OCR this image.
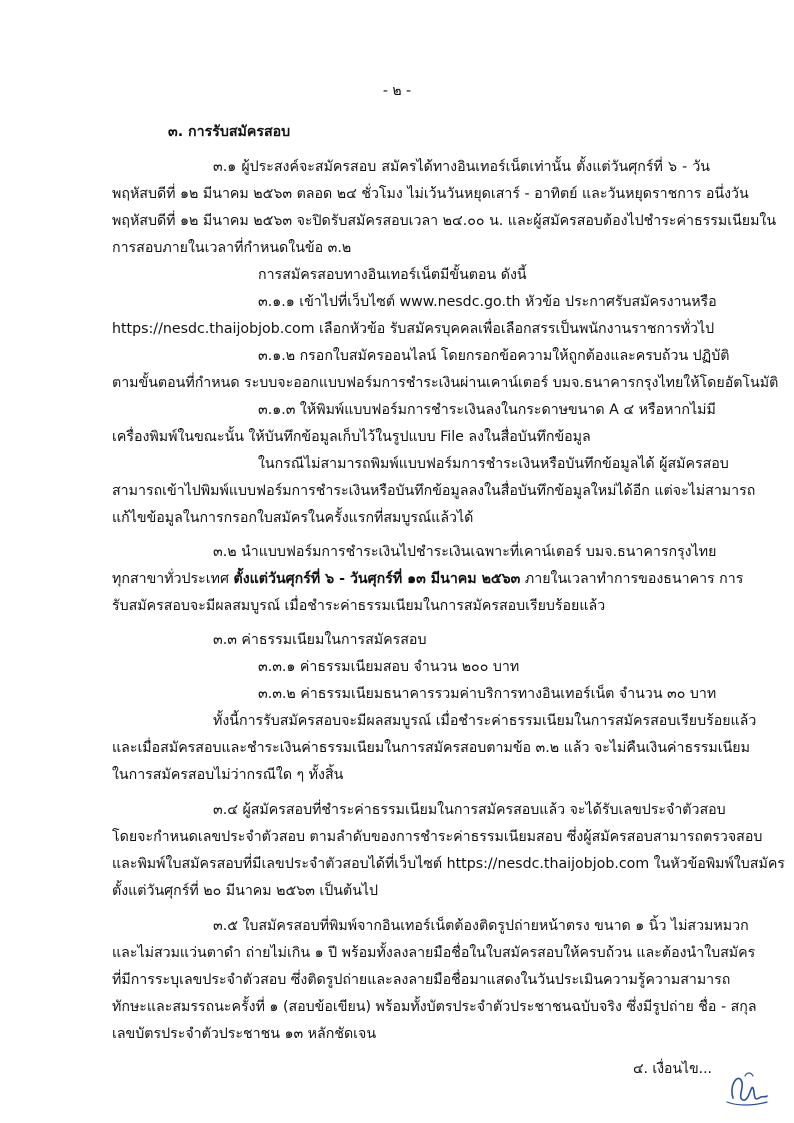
- ๒ -
๓. การรับสมัครสอบ
๓.๑ ผู้ประสงค์จะสมัครสอบ สมัครได้ทางอินเทอร์เน็ตเท่านั้น ตั้งแต่วันศุกร์ที่ ๖ - วัน
พฤหัสบดีที่ ๑๒ มีนาคม ๒๕๖๓ ตลอด ๒๔ ชั่วโมง ไม่เว้นวันหยุดเสาร์ - อาทิตย์ และวันหยุดราชการ อนึ่งวัน
พฤหัสบดีที่ ๑๒ มีนาคม ๒๕๖๓ จะปิดรับสมัครสอบเวลา ๒๔.๐๐ น. และผู้สมัครสอบต้องไปชำระค่าธรรมเนียมใน
การสอบภายในเวลาที่กำหนดในข้อ ๓.๒
การสมัครสอบทางอินเทอร์เน็ตมีขั้นตอน ดังนี้
๓.๑.๑ เข้าไปที่เว็บไซต์ www.nesdc.go.th หัวข้อ ประกาศรับสมัครงานหรือ
https://nesdc.thaijobjob.com เลือกหัวข้อ รับสมัครบุคคลเพื่อเลือกสรรเป็นพนักงานราชการทั่วไป
๓.๑.๒ กรอกใบสมัครออนไลน์ โดยกรอกข้อความให้ถูกต้องและครบถ้วน ปฏิบัติ
ตามขั้นตอนที่กำหนด ระบบจะออกแบบฟอร์มการชำระเงินผ่านเคาน์เตอร์ บมจ.ธนาคารกรุงไทยให้โดยอัตโนมัติ
๓.๑.๓ ให้พิมพ์แบบฟอร์มการชำระเงินลงในกระดาษขนาด A ๔ หรือหากไม่มี
เครื่องพิมพ์ในขณะนั้น ให้บันทึกข้อมูลเก็บไว้ในรูปแบบ File ลงในสื่อบันทึกข้อมูล
ในกรณีไม่สามารถพิมพ์แบบฟอร์มการชำระเงินหรือบันทึกข้อมูลได้ ผู้สมัครสอบ
สามารถเข้าไปพิมพ์แบบฟอร์มการชำระเงินหรือบันทึกข้อมูลลงในสื่อบันทึกข้อมูลใหม่ได้อีก แต่จะไม่สามารถ
แก้ไขข้อมูลในการกรอกใบสมัครในครั้งแรกที่สมบูรณ์แล้วได้
๓.๒ นำแบบฟอร์มการชำระเงินไปชำระเงินเฉพาะที่เคาน์เตอร์ บมจ.ธนาคารกรุงไทย
ทุกสาขาทั่วประเทศ ตั้งแต่วันศุกร์ที่ ๖ - วันศุกร์ที่ ๑๓ มีนาคม ๒๕๖๓ ภายในเวลาทำการของธนาคาร การ
รับสมัครสอบจะมีผลสมบูรณ์ เมื่อชำระค่าธรรมเนียมในการสมัครสอบเรียบร้อยแล้ว
๓.๓ ค่าธรรมเนียมในการสมัครสอบ
๓.๓.๑ ค่าธรรมเนียมสอบ จำนวน ๒๐๐ บาท
๓.๓.๒ ค่าธรรมเนียมธนาคารรวมค่าบริการทางอินเทอร์เน็ต จำนวน ๓๐ บาท
ทั้งนี้การรับสมัครสอบจะมีผลสมบูรณ์ เมื่อชำระค่าธรรมเนียมในการสมัครสอบเรียบร้อยแล้ว
และเมื่อสมัครสอบและชำระเงินค่าธรรมเนียมในการสมัครสอบตามข้อ ๓.๒ แล้ว จะไม่คืนเงินค่าธรรมเนียม
ในการสมัครสอบไม่ว่ากรณีใด ๆ ทั้งสิ้น
๓.๔ ผู้สมัครสอบที่ชำระค่าธรรมเนียมในการสมัครสอบแล้ว จะได้รับเลขประจำตัวสอบ
โดยจะกำหนดเลขประจำตัวสอบ ตามลำดับของการชำระค่าธรรมเนียมสอบ ซึ่งผู้สมัครสอบสามารถตรวจสอบ
และพิมพ์ใบสมัครสอบที่มีเลขประจำตัวสอบได้ที่เว็บไซต์ https://nesdc.thaijobjob.com ในหัวข้อพิมพ์ใบสมัคร
ตั้งแต่วันศุกร์ที่ ๒๐ มีนาคม ๒๕๖๓ เป็นต้นไป
๓.๕ ใบสมัครสอบที่พิมพ์จากอินเทอร์เน็ตต้องติดรูปถ่ายหน้าตรง ขนาด ๑ นิ้ว ไม่สวมหมวก
และไม่สวมแว่นตาดำ ถ่ายไม่เกิน ๑ ปี พร้อมทั้งลงลายมือชื่อในใบสมัครสอบให้ครบถ้วน และต้องนำใบสมัคร
ที่มีการระบุเลขประจำตัวสอบ ซึ่งติดรูปถ่ายและลงลายมือชื่อมาแสดงในวันประเมินความรู้ความสามารถ
ทักษะและสมรรถนะครั้งที่ ๑ (สอบข้อเขียน) พร้อมทั้งบัตรประจำตัวประชาชนฉบับจริง ซึ่งมีรูปถ่าย ชื่อ - สกุล
เลขบัตรประจำตัวประชาชน ๑๓ หลักชัดเจน
๔. เงื่อนไข...
